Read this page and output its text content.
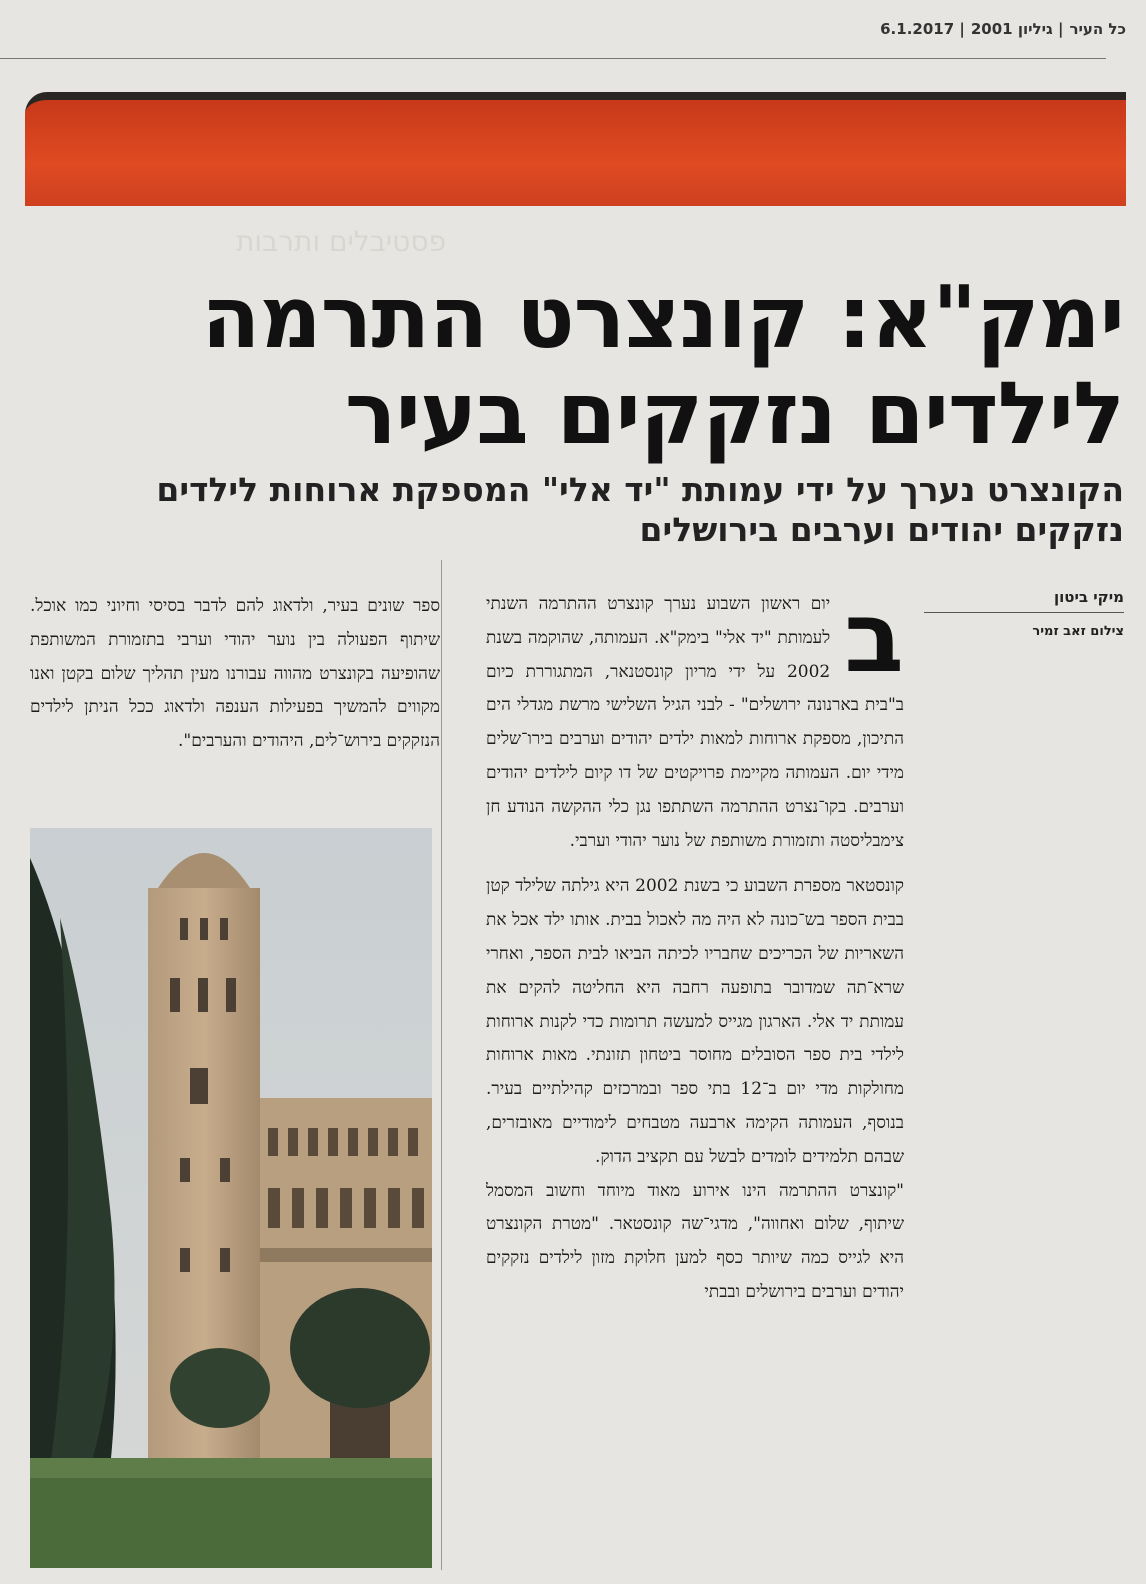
כל העיר| גיליון 2001| 6.1.2017
פסטיבלים ותרבות
ימק"א: קונצרט התרמה
לילדים נזקקים בעיר
הקונצרט נערך על ידי עמותת "יד אלי" המספקת ארוחות לילדים
נזקקים יהודים וערבים בירושלים
מיקי ביטון
צילום זאב זמיר
ב

יום ראשון השבוע נערך קונצרט ההתרמה השנתי לעמותת "יד אלי" בימק"א. העמותה, שהוקמה בשנת 2002 על ידי מריון קונסטנאר, המתגוררת כיום ב"בית בארנונה ירושלים" - לבני הגיל השלישי מרשת מגדלי הים התיכון, מספקת ארוחות למאות ילדים יהודים וערבים בירו־שלים מידי יום. העמותה מקיימת פרויקטים של דו קיום לילדים יהודים וערבים. בקו־נצרט ההתרמה השתתפו נגן כלי ההקשה הנודע חן צימבליסטה ותזמורת משותפת של נוער יהודי וערבי.

קונסטאר מספרת השבוע כי בשנת 2002 היא גילתה שלילד קטן בבית הספר בש־כונה לא היה מה לאכול בבית. אותו ילד אכל את השאריות של הכריכים שחבריו לכיתה הביאו לבית הספר, ואחרי שרא־תה שמדובר בתופעה רחבה היא החליטה להקים את עמותת יד אלי. הארגון מגייס למעשה תרומות כדי לקנות ארוחות לילדי בית ספר הסובלים מחוסר ביטחון תזונתי. מאות ארוחות מחולקות מדי יום ב־12 בתי ספר ובמרכזים קהילתיים בעיר. בנוסף, העמותה הקימה ארבעה מטבחים לימודיים מאובזרים, שבהם תלמידים לומדים לבשל עם תקציב הדוק.

"קונצרט ההתרמה הינו אירוע מאוד מיוחד וחשוב המסמל שיתוף, שלום ואחווה", מדגי־שה קונסטאר. "מטרת הקונצרט היא לגייס כמה שיותר כסף למען חלוקת מזון לילדים נזקקים יהודים וערבים בירושלים ובבתי

ספר שונים בעיר, ולדאוג להם לדבר בסיסי וחיוני כמו אוכל. שיתוף הפעולה בין נוער יהודי וערבי בתזמורת המשותפת שהופיעה בקונצרט מהווה עבורנו מעין תהליך שלום בקטן ואנו מקווים להמשיך בפעילות הענפה ולדאוג ככל הניתן לילדים הנזקקים בירוש־לים, היהודים והערבים".
